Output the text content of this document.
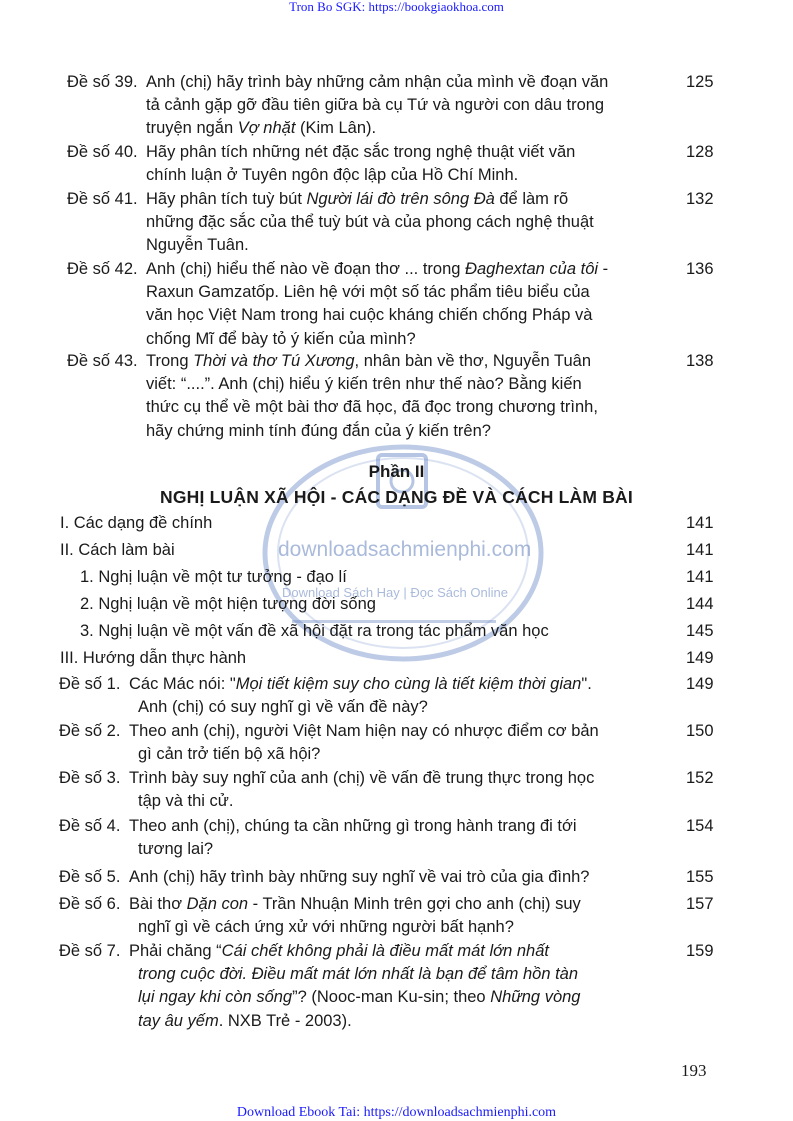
Tron Bo SGK: https://bookgiaokhoa.com
downloadsachmienphi.com
Download Sách Hay | Đọc Sách Online
Đề số 39. Anh (chị) hãy trình bày những cảm nhận của mình về đoạn văn
tả cảnh gặp gỡ đầu tiên giữa bà cụ Tứ và người con dâu trong
truyện ngắn Vợ nhặt (Kim Lân).
125
Đề số 40. Hãy phân tích những nét đặc sắc trong nghệ thuật viết văn
chính luận ở Tuyên ngôn độc lập của Hồ Chí Minh.
128
Đề số 41. Hãy phân tích tuỳ bút Người lái đò trên sông Đà để làm rõ
những đặc sắc của thể tuỳ bút và của phong cách nghệ thuật
Nguyễn Tuân.
132
Đề số 42. Anh (chị) hiểu thế nào về đoạn thơ ... trong Đaghextan của tôi -
Raxun Gamzatốp. Liên hệ với một số tác phẩm tiêu biểu của
văn học Việt Nam trong hai cuộc kháng chiến chống Pháp và
chống Mĩ để bày tỏ ý kiến của mình?
136
Đề số 43. Trong Thời và thơ Tú Xương, nhân bàn về thơ, Nguyễn Tuân
viết: “....”. Anh (chị) hiểu ý kiến trên như thế nào? Bằng kiến
thức cụ thể về một bài thơ đã học, đã đọc trong chương trình,
hãy chứng minh tính đúng đắn của ý kiến trên?
138
Phần II
NGHỊ LUẬN XÃ HỘI - CÁC DẠNG ĐỀ VÀ CÁCH LÀM BÀI
I. Các dạng đề chính	141
II. Cách làm bài	141
1. Nghị luận về một tư tưởng - đạo lí	141
2. Nghị luận về một hiện tượng đời sống	144
3. Nghị luận về một vấn đề xã hội đặt ra trong tác phẩm văn học	145
III. Hướng dẫn thực hành	149
Đề số 1. Các Mác nói: "Mọi tiết kiệm suy cho cùng là tiết kiệm thời gian".
Anh (chị) có suy nghĩ gì về vấn đề này?
149
Đề số 2. Theo anh (chị), người Việt Nam hiện nay có nhược điểm cơ bản
gì cản trở tiến bộ xã hội?
150
Đề số 3. Trình bày suy nghĩ của anh (chị) về vấn đề trung thực trong học
tập và thi cử.
152
Đề số 4. Theo anh (chị), chúng ta cần những gì trong hành trang đi tới
tương lai?
154
Đề số 5. Anh (chị) hãy trình bày những suy nghĩ về vai trò của gia đình?	155
Đề số 6. Bài thơ Dặn con - Trần Nhuận Minh trên gợi cho anh (chị) suy
nghĩ gì về cách ứng xử với những người bất hạnh?
157
Đề số 7. Phải chăng “Cái chết không phải là điều mất mát lớn nhất
trong cuộc đời. Điều mất mát lớn nhất là bạn để tâm hồn tàn
lụi ngay khi còn sống”? (Nooc-man Ku-sin; theo Những vòng
tay âu yếm. NXB Trẻ - 2003).
159
193
Download Ebook Tai: https://downloadsachmienphi.com
